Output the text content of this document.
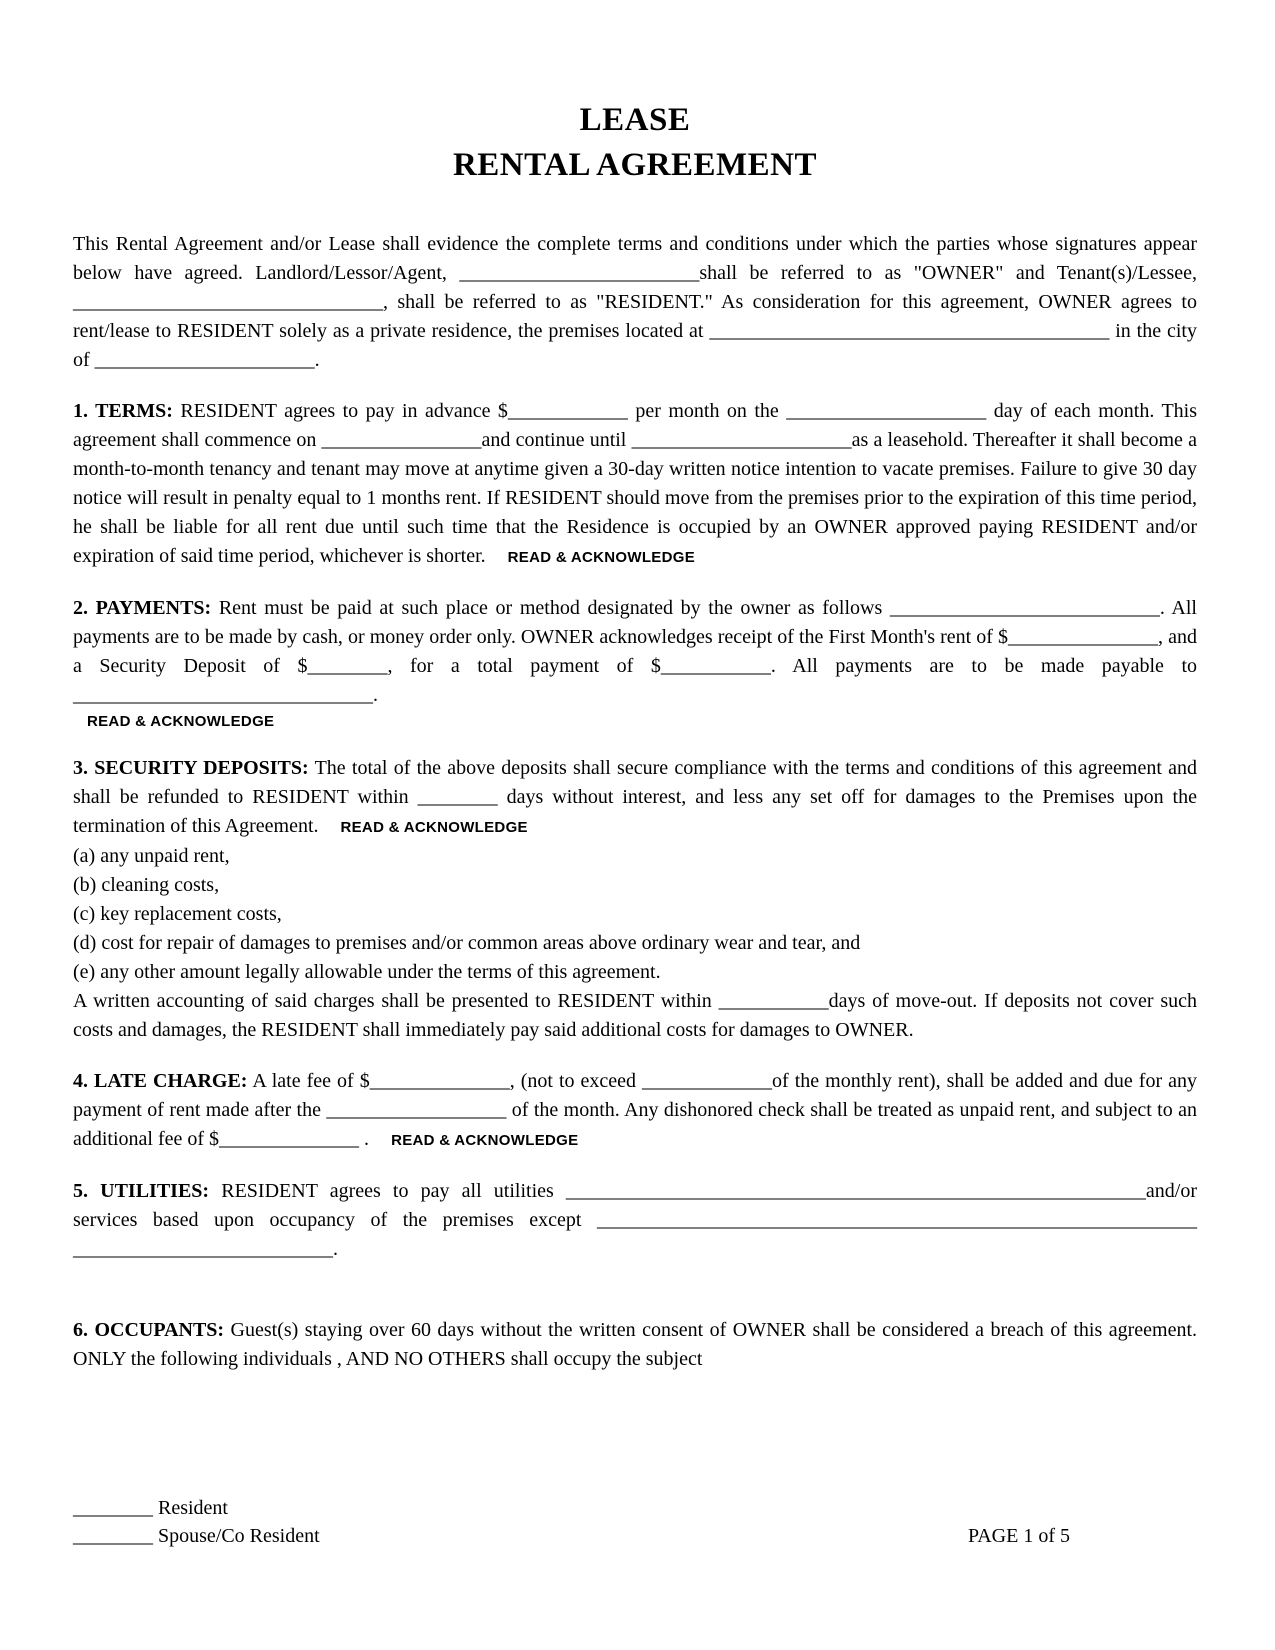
LEASE
RENTAL AGREEMENT

This Rental Agreement and/or Lease shall evidence the complete terms and conditions under which the parties whose signatures appear below have agreed. Landlord/Lessor/Agent, ________________________shall be referred to as "OWNER" and Tenant(s)/Lessee, _______________________________, shall be referred to as "RESIDENT." As consideration for this agreement, OWNER agrees to rent/lease to RESIDENT solely as a private residence, the premises located at ________________________________________ in the city of ______________________.

1. TERMS: RESIDENT agrees to pay in advance $____________ per month on the ____________________ day of each month. This agreement shall commence on ________________and continue until ______________________as a leasehold. Thereafter it shall become a month-to-month tenancy and tenant may move at anytime given a 30-day written notice intention to vacate premises. Failure to give 30 day notice will result in penalty equal to 1 months rent. If RESIDENT should move from the premises prior to the expiration of this time period, he shall be liable for all rent due until such time that the Residence is occupied by an OWNER approved paying RESIDENT and/or expiration of said time period, whichever is shorter. READ & ACKNOWLEDGE

2. PAYMENTS: Rent must be paid at such place or method designated by the owner as follows ___________________________. All payments are to be made by cash, or money order only. OWNER acknowledges receipt of the First Month's rent of $_______________, and a Security Deposit of $________, for a total payment of $___________. All payments are to be made payable to ______________________________.

READ & ACKNOWLEDGE

3. SECURITY DEPOSITS: The total of the above deposits shall secure compliance with the terms and conditions of this agreement and shall be refunded to RESIDENT within ________ days without interest, and less any set off for damages to the Premises upon the termination of this Agreement. READ & ACKNOWLEDGE

(a) any unpaid rent,
(b) cleaning costs,
(c) key replacement costs,
(d) cost for repair of damages to premises and/or common areas above ordinary wear and tear, and
(e) any other amount legally allowable under the terms of this agreement.

A written accounting of said charges shall be presented to RESIDENT within ___________days of move-out. If deposits not cover such costs and damages, the RESIDENT shall immediately pay said additional costs for damages to OWNER.

4. LATE CHARGE: A late fee of $______________, (not to exceed _____________of the monthly rent), shall be added and due for any payment of rent made after the __________________ of the month. Any dishonored check shall be treated as unpaid rent, and subject to an additional fee of $______________ . READ & ACKNOWLEDGE

5. UTILITIES: RESIDENT agrees to pay all utilities __________________________________________________________and/or services based upon occupancy of the premises except ____________________________________________________________ __________________________.

6. OCCUPANTS: Guest(s) staying over 60 days without the written consent of OWNER shall be considered a breach of this agreement. ONLY the following individuals , AND NO OTHERS shall occupy the subject

________ Resident
________ Spouse/Co Resident	PAGE 1 of 5
